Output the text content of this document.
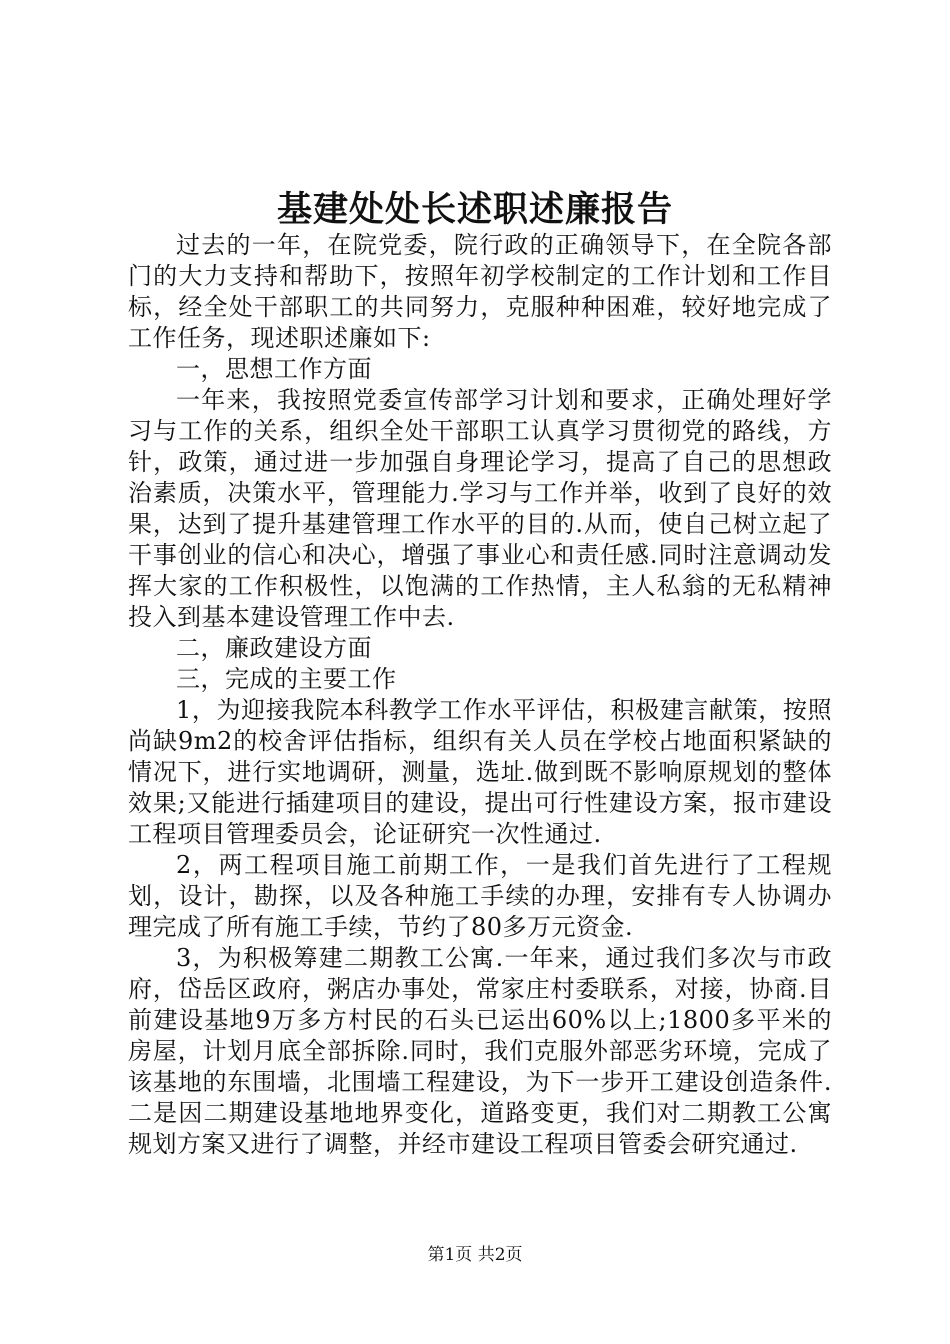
基建处处长述职述廉报告

过去的一年，在院党委，院行政的正确领导下，在全院各部门的大力支持和帮助下，按照年初学校制定的工作计划和工作目标，经全处干部职工的共同努力，克服种种困难，较好地完成了工作任务，现述职述廉如下:

一，思想工作方面

一年来，我按照党委宣传部学习计划和要求，正确处理好学习与工作的关系，组织全处干部职工认真学习贯彻党的路线，方针，政策，通过进一步加强自身理论学习，提高了自己的思想政治素质，决策水平，管理能力.学习与工作并举，收到了良好的效果，达到了提升基建管理工作水平的目的.从而，使自己树立起了干事创业的信心和决心，增强了事业心和责任感.同时注意调动发挥大家的工作积极性，以饱满的工作热情，主人私翁的无私精神投入到基本建设管理工作中去.

二，廉政建设方面

三，完成的主要工作

1，为迎接我院本科教学工作水平评估，积极建言献策，按照尚缺9m2的校舍评估指标，组织有关人员在学校占地面积紧缺的情况下，进行实地调研，测量，选址.做到既不影响原规划的整体效果;又能进行插建项目的建设，提出可行性建设方案，报市建设工程项目管理委员会，论证研究一次性通过.

2，两工程项目施工前期工作，一是我们首先进行了工程规划，设计，勘探，以及各种施工手续的办理，安排有专人协调办理完成了所有施工手续，节约了80多万元资金.

3，为积极筹建二期教工公寓.一年来，通过我们多次与市政府，岱岳区政府，粥店办事处，常家庄村委联系，对接，协商.目前建设基地9万多方村民的石头已运出60%以上;1800多平米的房屋，计划月底全部拆除.同时，我们克服外部恶劣环境，完成了该基地的东围墙，北围墙工程建设，为下一步开工建设创造条件.二是因二期建设基地地界变化，道路变更，我们对二期教工公寓规划方案又进行了调整，并经市建设工程项目管委会研究通过.

第1页 共2页
